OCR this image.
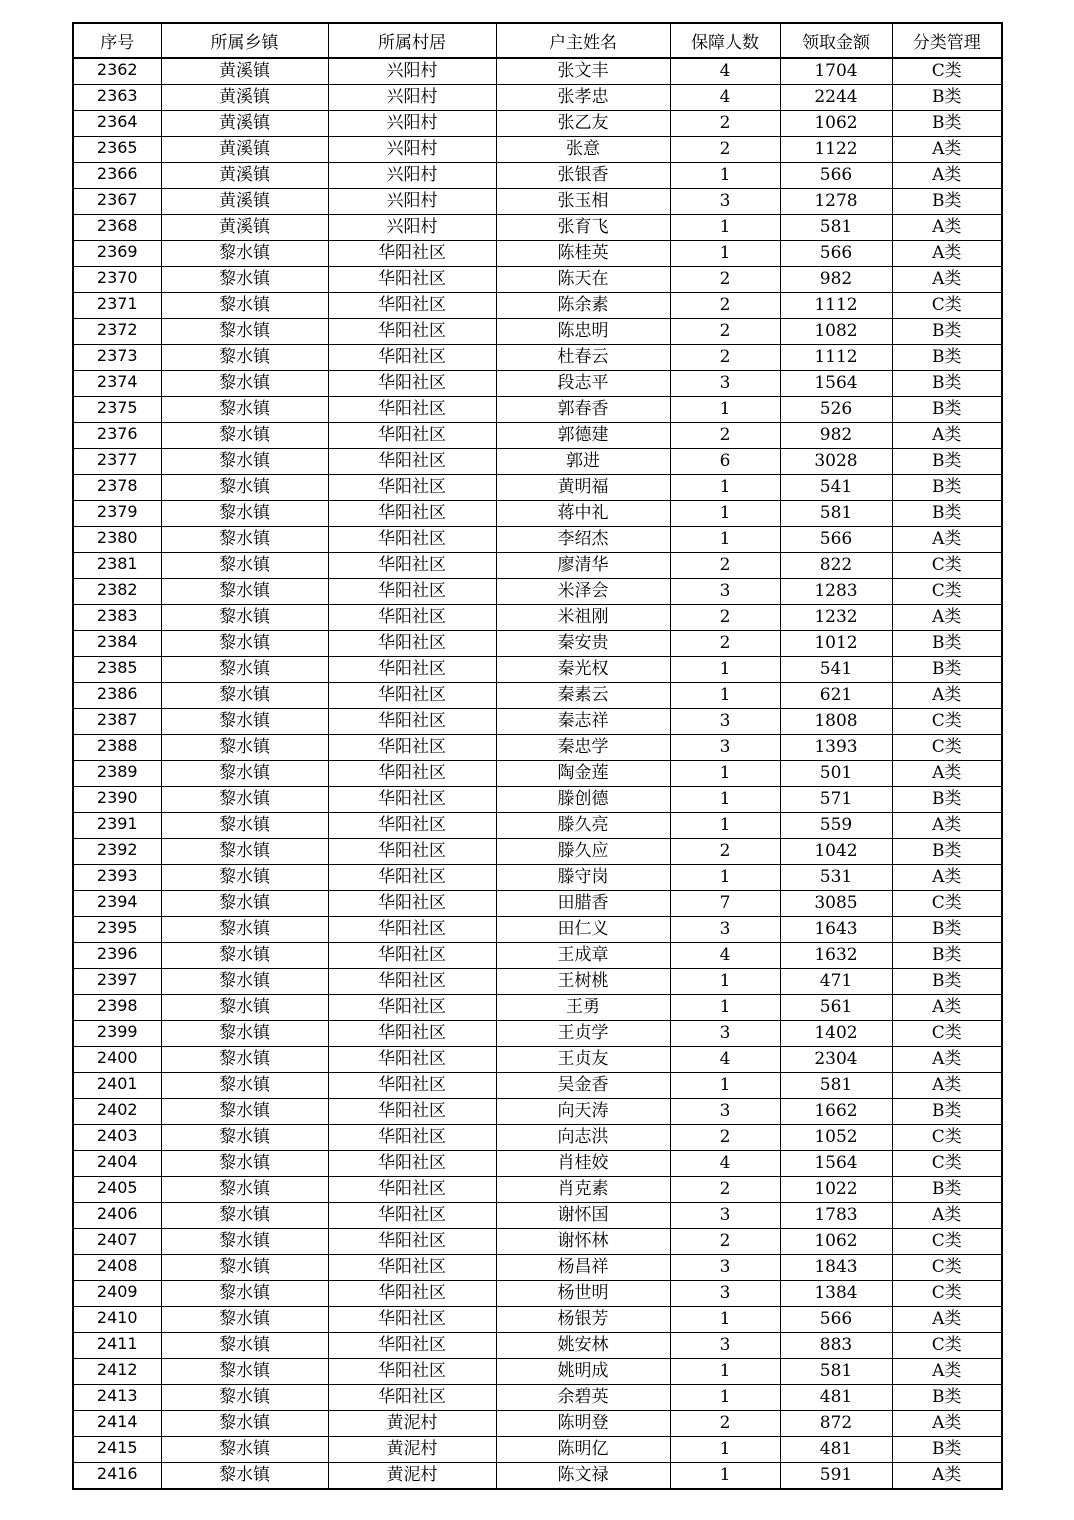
序号	所属乡镇	所属村居	户主姓名	保障人数	领取金额	分类管理
2362	黄溪镇	兴阳村	张文丰	4	1704	C类
2363	黄溪镇	兴阳村	张孝忠	4	2244	B类
2364	黄溪镇	兴阳村	张乙友	2	1062	B类
2365	黄溪镇	兴阳村	张意	2	1122	A类
2366	黄溪镇	兴阳村	张银香	1	566	A类
2367	黄溪镇	兴阳村	张玉相	3	1278	B类
2368	黄溪镇	兴阳村	张育飞	1	581	A类
2369	黎水镇	华阳社区	陈桂英	1	566	A类
2370	黎水镇	华阳社区	陈天在	2	982	A类
2371	黎水镇	华阳社区	陈余素	2	1112	C类
2372	黎水镇	华阳社区	陈忠明	2	1082	B类
2373	黎水镇	华阳社区	杜春云	2	1112	B类
2374	黎水镇	华阳社区	段志平	3	1564	B类
2375	黎水镇	华阳社区	郭春香	1	526	B类
2376	黎水镇	华阳社区	郭德建	2	982	A类
2377	黎水镇	华阳社区	郭进	6	3028	B类
2378	黎水镇	华阳社区	黄明福	1	541	B类
2379	黎水镇	华阳社区	蒋中礼	1	581	B类
2380	黎水镇	华阳社区	李绍杰	1	566	A类
2381	黎水镇	华阳社区	廖清华	2	822	C类
2382	黎水镇	华阳社区	米泽会	3	1283	C类
2383	黎水镇	华阳社区	米祖刚	2	1232	A类
2384	黎水镇	华阳社区	秦安贵	2	1012	B类
2385	黎水镇	华阳社区	秦光权	1	541	B类
2386	黎水镇	华阳社区	秦素云	1	621	A类
2387	黎水镇	华阳社区	秦志祥	3	1808	C类
2388	黎水镇	华阳社区	秦忠学	3	1393	C类
2389	黎水镇	华阳社区	陶金莲	1	501	A类
2390	黎水镇	华阳社区	滕创德	1	571	B类
2391	黎水镇	华阳社区	滕久亮	1	559	A类
2392	黎水镇	华阳社区	滕久应	2	1042	B类
2393	黎水镇	华阳社区	滕守岗	1	531	A类
2394	黎水镇	华阳社区	田腊香	7	3085	C类
2395	黎水镇	华阳社区	田仁义	3	1643	B类
2396	黎水镇	华阳社区	王成章	4	1632	B类
2397	黎水镇	华阳社区	王树桃	1	471	B类
2398	黎水镇	华阳社区	王勇	1	561	A类
2399	黎水镇	华阳社区	王贞学	3	1402	C类
2400	黎水镇	华阳社区	王贞友	4	2304	A类
2401	黎水镇	华阳社区	吴金香	1	581	A类
2402	黎水镇	华阳社区	向天涛	3	1662	B类
2403	黎水镇	华阳社区	向志洪	2	1052	C类
2404	黎水镇	华阳社区	肖桂姣	4	1564	C类
2405	黎水镇	华阳社区	肖克素	2	1022	B类
2406	黎水镇	华阳社区	谢怀国	3	1783	A类
2407	黎水镇	华阳社区	谢怀林	2	1062	C类
2408	黎水镇	华阳社区	杨昌祥	3	1843	C类
2409	黎水镇	华阳社区	杨世明	3	1384	C类
2410	黎水镇	华阳社区	杨银芳	1	566	A类
2411	黎水镇	华阳社区	姚安林	3	883	C类
2412	黎水镇	华阳社区	姚明成	1	581	A类
2413	黎水镇	华阳社区	余碧英	1	481	B类
2414	黎水镇	黄泥村	陈明登	2	872	A类
2415	黎水镇	黄泥村	陈明亿	1	481	B类
2416	黎水镇	黄泥村	陈文禄	1	591	A类
